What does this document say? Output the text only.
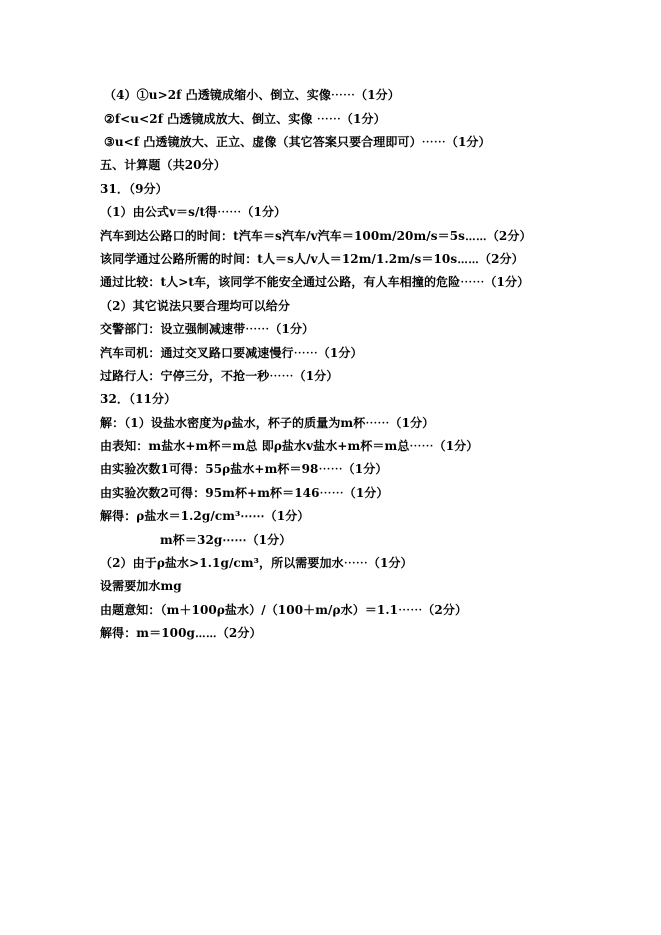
（4）①u>2f 凸透镜成缩小、倒立、实像⋯⋯（1分）
②f<u<2f 凸透镜成放大、倒立、实像 ⋯⋯（1分）
③u<f 凸透镜放大、正立、虚像（其它答案只要合理即可）⋯⋯（1分）
五、计算题（共20分）
31．（9分）
（1）由公式v＝s/t得⋯⋯（1分）
汽车到达公路口的时间：t汽车＝s汽车/v汽车＝100m/20m/s＝5s⋯⋯（2分）
该同学通过公路所需的时间：t人＝s人/v人＝12m/1.2m/s＝10s⋯⋯（2分）
通过比较：t人>t车，该同学不能安全通过公路，有人车相撞的危险⋯⋯（1分）
（2）其它说法只要合理均可以给分
交警部门：设立强制减速带⋯⋯（1分）
汽车司机：通过交叉路口要减速慢行⋯⋯（1分）
过路行人：宁停三分，不抢一秒⋯⋯（1分）
32．（11分）
解：（1）设盐水密度为ρ盐水，杯子的质量为m杯⋯⋯（1分）
由表知：m盐水+m杯＝m总 即ρ盐水v盐水+m杯＝m总⋯⋯（1分）
由实验次数1可得：55ρ盐水+m杯＝98⋯⋯（1分）
由实验次数2可得：95m杯+m杯＝146⋯⋯（1分）
解得：ρ盐水＝1.2g/cm³⋯⋯（1分）
m杯＝32g⋯⋯（1分）
（2）由于ρ盐水>1.1g/cm³，所以需要加水⋯⋯（1分）
设需要加水mg
由题意知：（m＋100ρ盐水）/（100＋m/ρ水）＝1.1⋯⋯（2分）
解得：m＝100g⋯⋯（2分）
